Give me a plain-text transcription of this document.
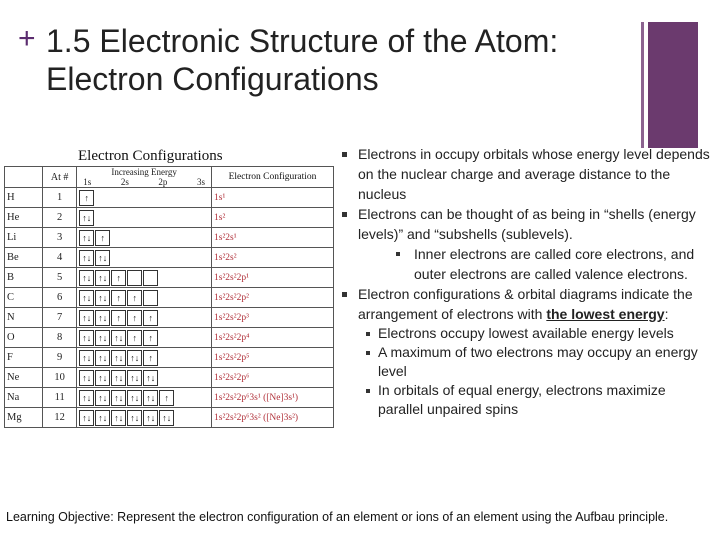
+ 1.5 Electronic Structure of the Atom:
Electron Configurations
Electron Configurations
	At #	Increasing Energy
1s 2s 2p 3s	Electron Configuration
H	1	↑	1s¹
He	2	↑↓	1s²
Li	3	↑↓ ↑	1s²2s¹
Be	4	↑↓ ↑↓	1s²2s²
B	5	↑↓ ↑↓ ↑	1s²2s²2p¹
C	6	↑↓ ↑↓ ↑ ↑	1s²2s²2p²
N	7	↑↓ ↑↓ ↑ ↑ ↑	1s²2s²2p³
O	8	↑↓ ↑↓ ↑↓ ↑ ↑	1s²2s²2p⁴
F	9	↑↓ ↑↓ ↑↓ ↑↓ ↑	1s²2s²2p⁵
Ne	10	↑↓ ↑↓ ↑↓ ↑↓ ↑↓	1s²2s²2p⁶
Na	11	↑↓ ↑↓ ↑↓ ↑↓ ↑↓ ↑	1s²2s²2p⁶3s¹ ([Ne]3s¹)
Mg	12	↑↓ ↑↓ ↑↓ ↑↓ ↑↓ ↑↓	1s²2s²2p⁶3s² ([Ne]3s²)

Electrons in occupy orbitals whose energy level depends on the nuclear charge and average distance to the nucleus

Electrons can be thought of as being in “shells (energy levels)” and “subshells (sublevels).

Inner electrons are called core electrons, and outer electrons are called valence electrons.

Electron configurations & orbital diagrams indicate the arrangement of electrons with the lowest energy:

Electrons occupy lowest available energy levels

A maximum of two electrons may occupy an energy level

In orbitals of equal energy, electrons maximize parallel unpaired spins

Learning Objective: Represent the electron configuration of an element or ions of an element using the Aufbau principle.
